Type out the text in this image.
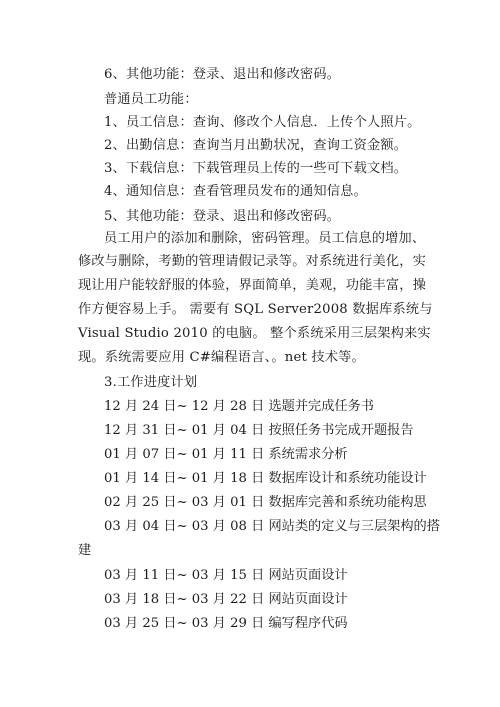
6、其他功能：登录、退出和修改密码。
普通员工功能：
1、员工信息：查询、修改个人信息．上传个人照片。
2、出勤信息：查询当月出勤状况，查询工资金额。
3、下载信息：下载管理员上传的一些可下载文档。
4、通知信息：查看管理员发布的通知信息。
5、其他功能：登录、退出和修改密码。
员工用户的添加和删除，密码管理。员工信息的增加、
修改与删除，考勤的管理请假记录等。对系统进行美化，实
现让用户能较舒服的体验，界面简单，美观，功能丰富，操
作方便容易上手。 需要有 SQL Server2008 数据库系统与
Visual Studio 2010 的电脑。 整个系统采用三层架构来实
现。系统需要应用 C#编程语言、。net 技术等。
3.工作进度计划
12 月 24 日~ 12 月 28 日 选题并完成任务书
12 月 31 日~ 01 月 04 日 按照任务书完成开题报告
01 月 07 日~ 01 月 11 日 系统需求分析
01 月 14 日~ 01 月 18 日 数据库设计和系统功能设计
02 月 25 日~ 03 月 01 日 数据库完善和系统功能构思
03 月 04 日~ 03 月 08 日 网站类的定义与三层架构的搭
建
03 月 11 日~ 03 月 15 日 网站页面设计
03 月 18 日~ 03 月 22 日 网站页面设计
03 月 25 日~ 03 月 29 日 编写程序代码
